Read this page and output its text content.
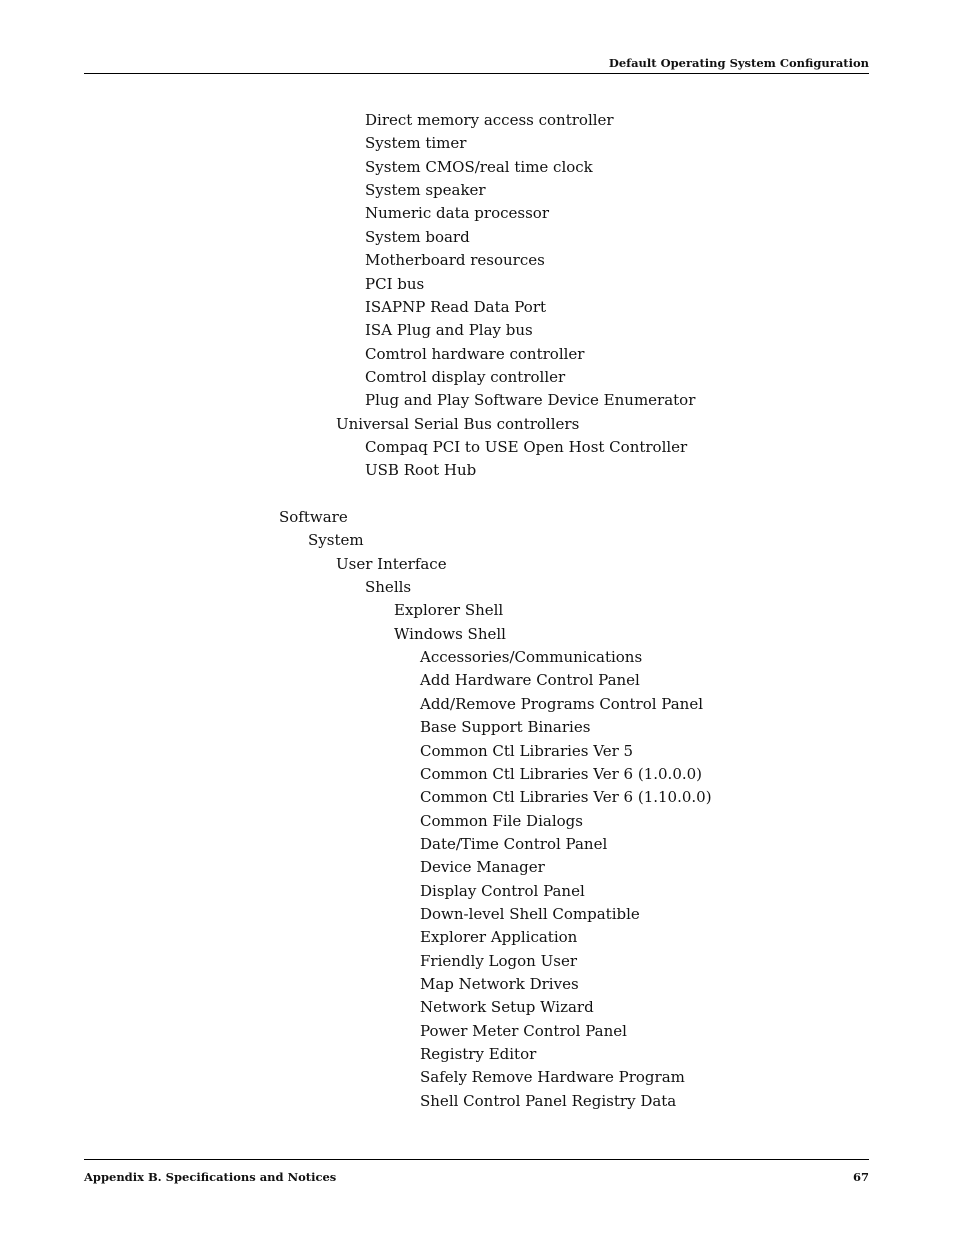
Default Operating System Configuration
Direct memory access controller
System timer
System CMOS/real time clock
System speaker
Numeric data processor
System board
Motherboard resources
PCI bus
ISAPNP Read Data Port
ISA Plug and Play bus
Comtrol hardware controller
Comtrol display controller
Plug and Play Software Device Enumerator
Universal Serial Bus controllers
Compaq PCI to USE Open Host Controller
USB Root Hub
Software
System
User Interface
Shells
Explorer Shell
Windows Shell
Accessories/Communications
Add Hardware Control Panel
Add/Remove Programs Control Panel
Base Support Binaries
Common Ctl Libraries Ver 5
Common Ctl Libraries Ver 6 (1.0.0.0)
Common Ctl Libraries Ver 6 (1.10.0.0)
Common File Dialogs
Date/Time Control Panel
Device Manager
Display Control Panel
Down-level Shell Compatible
Explorer Application
Friendly Logon User
Map Network Drives
Network Setup Wizard
Power Meter Control Panel
Registry Editor
Safely Remove Hardware Program
Shell Control Panel Registry Data
Appendix B. Specifications and Notices	67
